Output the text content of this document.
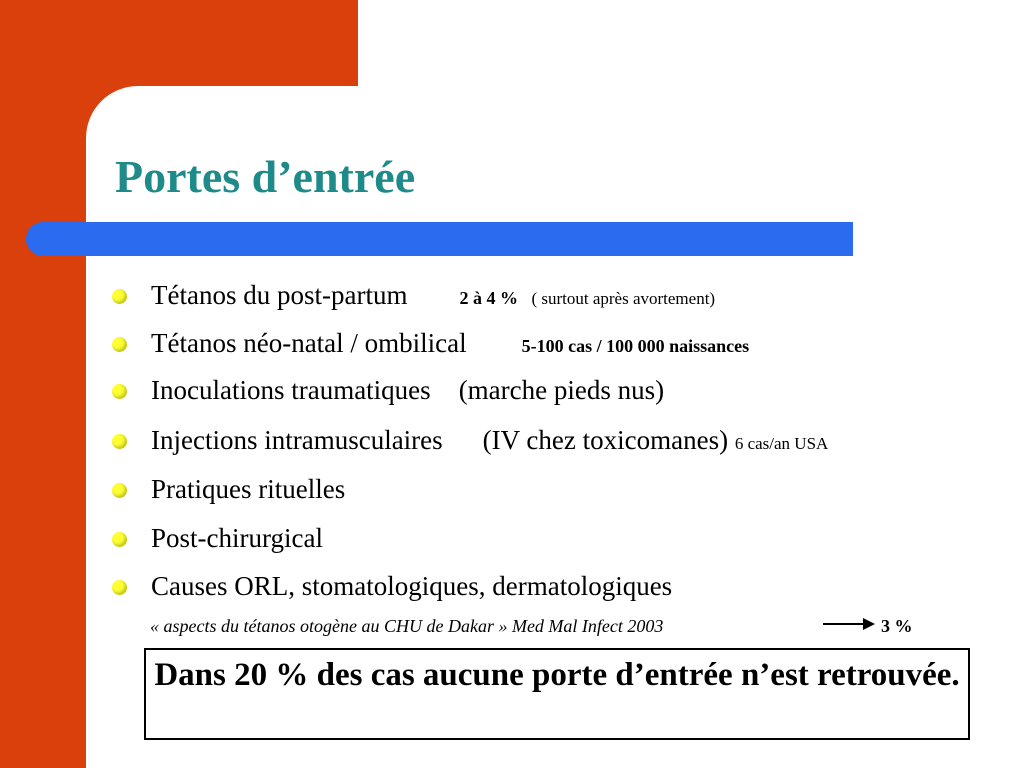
Portes d’entrée
Tétanos du post-partum	2 à 4 % ( surtout après avortement)
Tétanos néo-natal / ombilical	5-100 cas / 100 000 naissances
Inoculations traumatiques (marche pieds nus)
Injections intramusculaires (IV chez toxicomanes) 6 cas/an USA
Pratiques rituelles
Post-chirurgical
Causes ORL, stomatologiques, dermatologiques
« aspects du tétanos otogène au CHU de Dakar » Med Mal Infect 2003	3 %
Dans 20 % des cas aucune porte d’entrée n’est retrouvée.
